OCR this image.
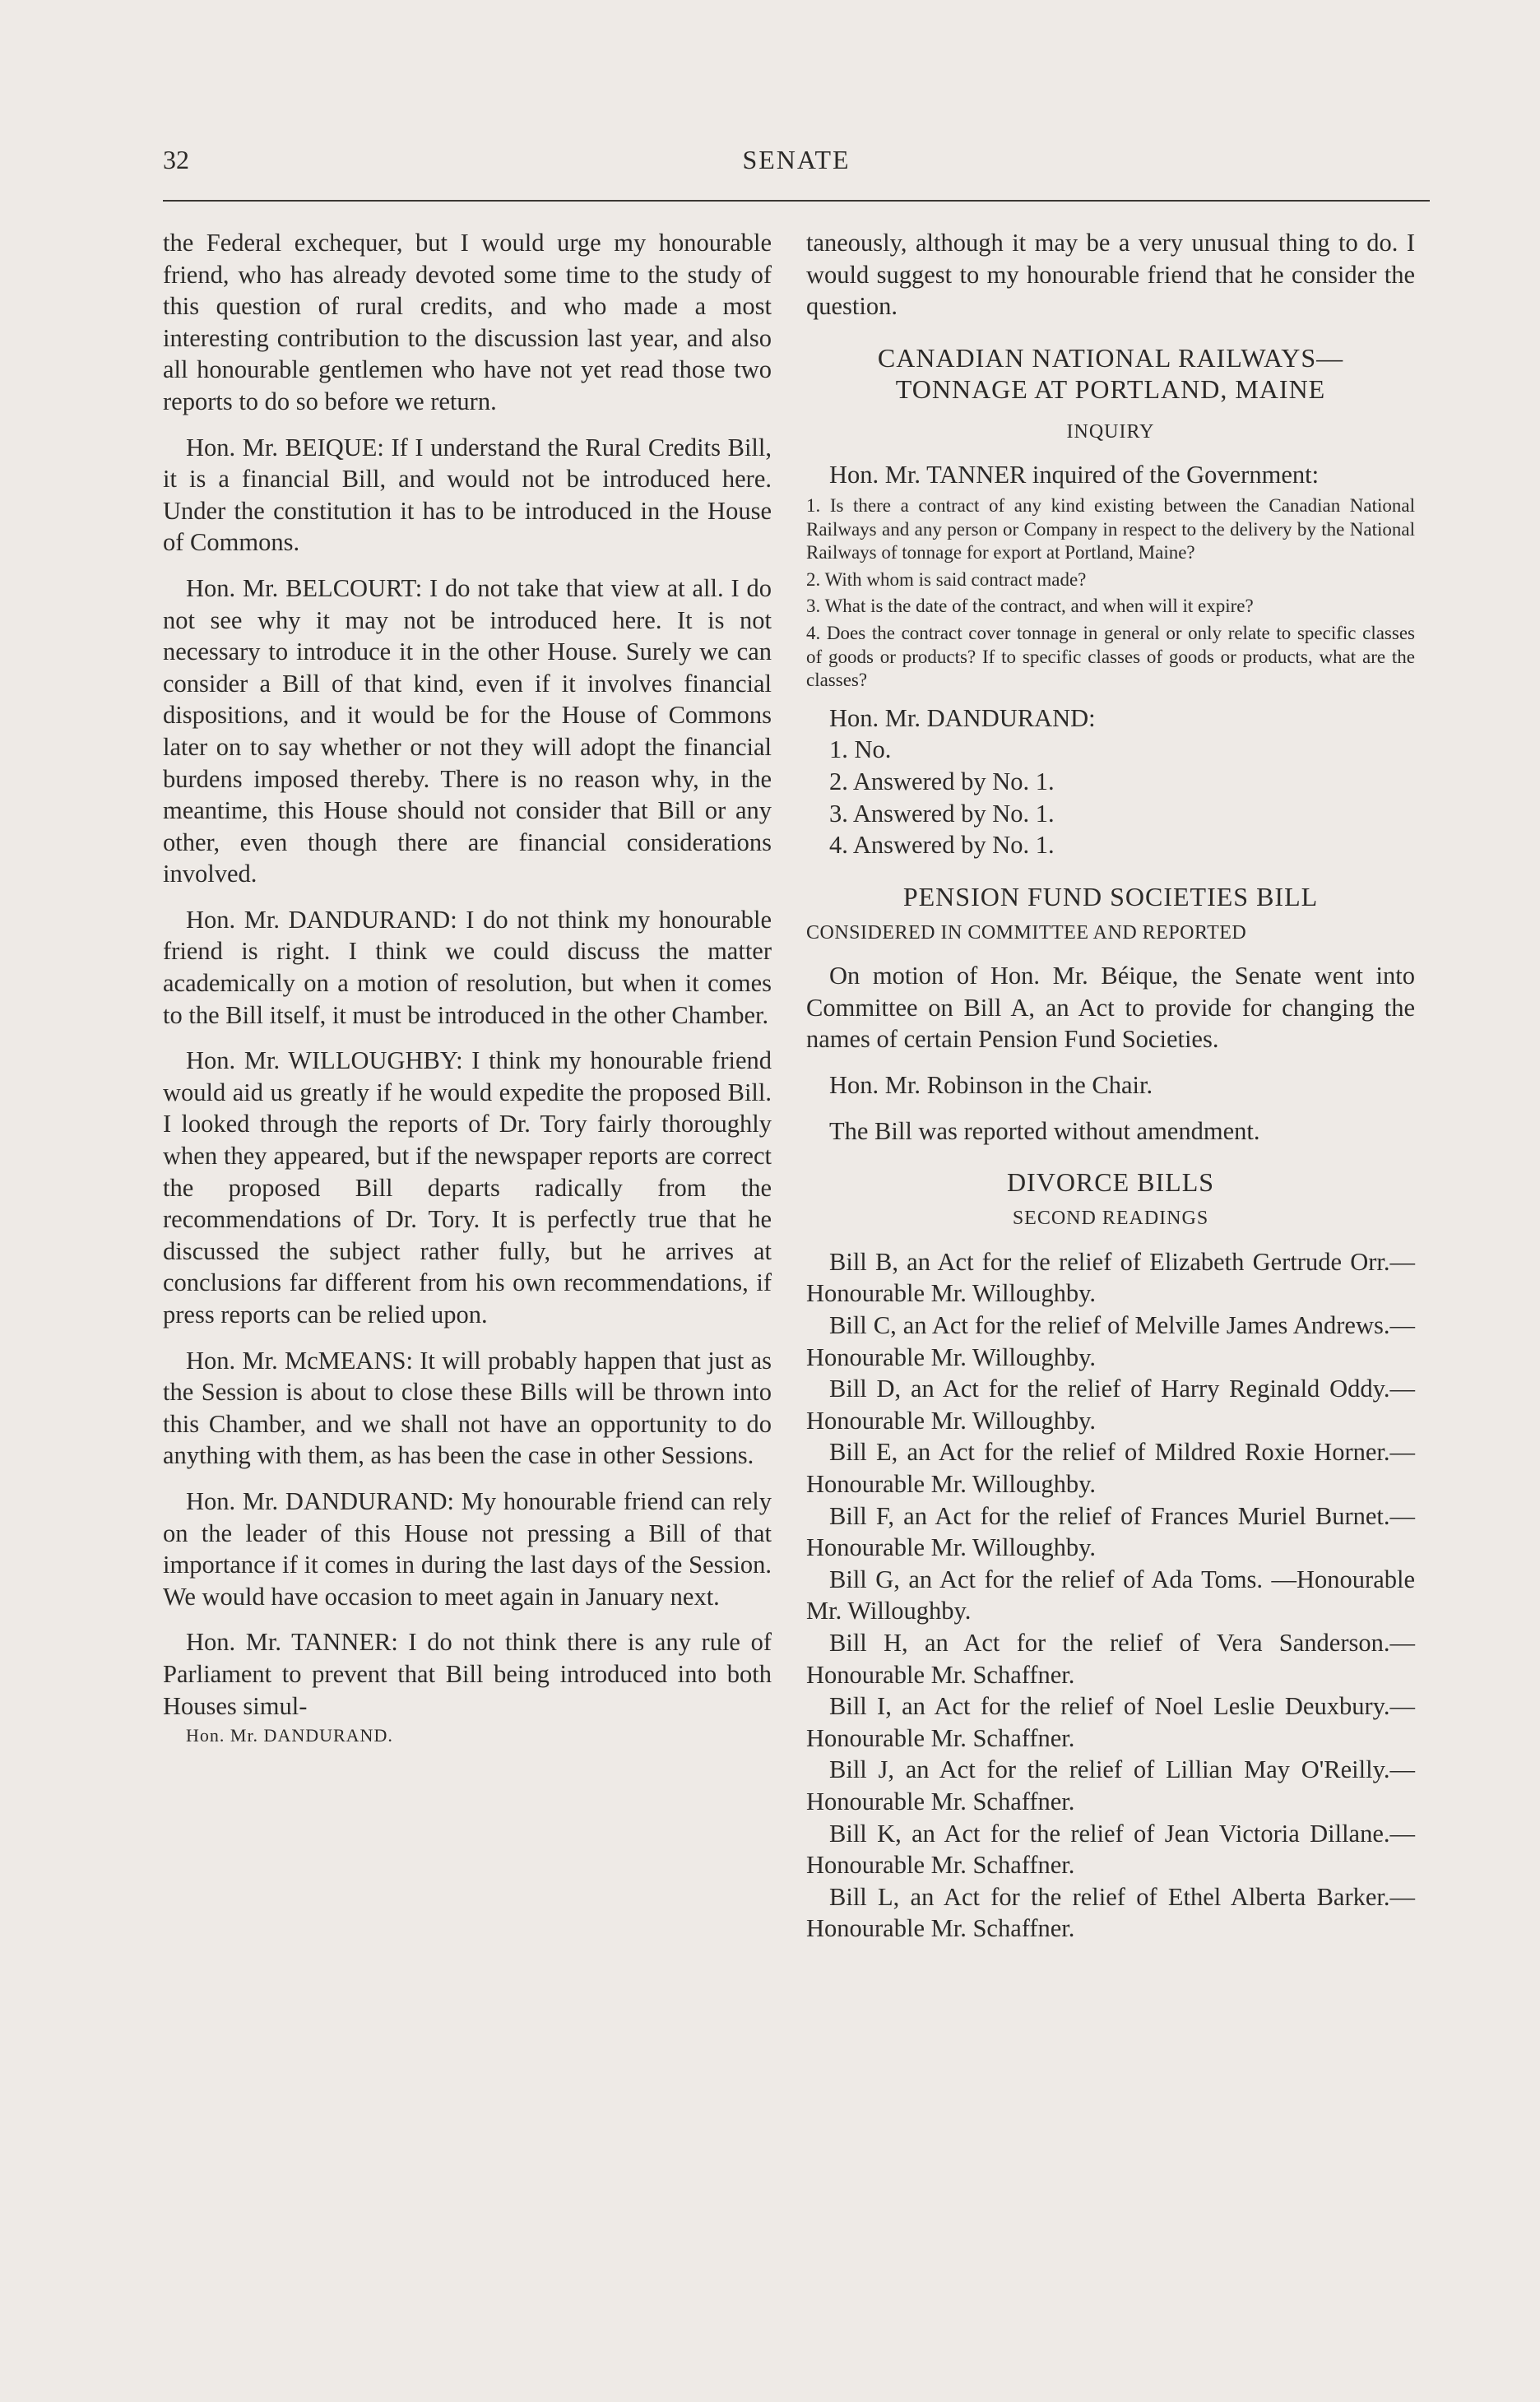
32	SENATE

the Federal exchequer, but I would urge my honourable friend, who has already devoted some time to the study of this question of rural credits, and who made a most interesting contribution to the discussion last year, and also all honourable gentlemen who have not yet read those two reports to do so before we return.

Hon. Mr. BEIQUE: If I understand the Rural Credits Bill, it is a financial Bill, and would not be introduced here. Under the constitution it has to be introduced in the House of Commons.

Hon. Mr. BELCOURT: I do not take that view at all. I do not see why it may not be introduced here. It is not necessary to introduce it in the other House. Surely we can consider a Bill of that kind, even if it involves financial dispositions, and it would be for the House of Commons later on to say whether or not they will adopt the financial burdens imposed thereby. There is no reason why, in the meantime, this House should not consider that Bill or any other, even though there are financial considerations involved.

Hon. Mr. DANDURAND: I do not think my honourable friend is right. I think we could discuss the matter academically on a motion of resolution, but when it comes to the Bill itself, it must be introduced in the other Chamber.

Hon. Mr. WILLOUGHBY: I think my honourable friend would aid us greatly if he would expedite the proposed Bill. I looked through the reports of Dr. Tory fairly thoroughly when they appeared, but if the newspaper reports are correct the proposed Bill departs radically from the recommendations of Dr. Tory. It is perfectly true that he discussed the subject rather fully, but he arrives at conclusions far different from his own recommendations, if press reports can be relied upon.

Hon. Mr. McMEANS: It will probably happen that just as the Session is about to close these Bills will be thrown into this Chamber, and we shall not have an opportunity to do anything with them, as has been the case in other Sessions.

Hon. Mr. DANDURAND: My honourable friend can rely on the leader of this House not pressing a Bill of that importance if it comes in during the last days of the Session. We would have occasion to meet again in January next.

Hon. Mr. TANNER: I do not think there is any rule of Parliament to prevent that Bill being introduced into both Houses simul-

Hon. Mr. DANDURAND.

taneously, although it may be a very unusual thing to do. I would suggest to my honourable friend that he consider the question.

CANADIAN NATIONAL RAILWAYS—
TONNAGE AT PORTLAND, MAINE
INQUIRY

Hon. Mr. TANNER inquired of the Government:

1. Is there a contract of any kind existing between the Canadian National Railways and any person or Company in respect to the delivery by the National Railways of tonnage for export at Portland, Maine?
2. With whom is said contract made?
3. What is the date of the contract, and when will it expire?
4. Does the contract cover tonnage in general or only relate to specific classes of goods or products? If to specific classes of goods or products, what are the classes?

Hon. Mr. DANDURAND:

1. No.

2. Answered by No. 1.

3. Answered by No. 1.

4. Answered by No. 1.

PENSION FUND SOCIETIES BILL
CONSIDERED IN COMMITTEE AND REPORTED

On motion of Hon. Mr. Béique, the Senate went into Committee on Bill A, an Act to provide for changing the names of certain Pension Fund Societies.

Hon. Mr. Robinson in the Chair.

The Bill was reported without amendment.

DIVORCE BILLS
SECOND READINGS

Bill B, an Act for the relief of Elizabeth Gertrude Orr.—Honourable Mr. Willoughby.

Bill C, an Act for the relief of Melville James Andrews.—Honourable Mr. Willoughby.

Bill D, an Act for the relief of Harry Reginald Oddy.—Honourable Mr. Willoughby.

Bill E, an Act for the relief of Mildred Roxie Horner.—Honourable Mr. Willoughby.

Bill F, an Act for the relief of Frances Muriel Burnet.—Honourable Mr. Willoughby.

Bill G, an Act for the relief of Ada Toms. —Honourable Mr. Willoughby.

Bill H, an Act for the relief of Vera Sanderson.—Honourable Mr. Schaffner.

Bill I, an Act for the relief of Noel Leslie Deuxbury.—Honourable Mr. Schaffner.

Bill J, an Act for the relief of Lillian May O'Reilly.—Honourable Mr. Schaffner.

Bill K, an Act for the relief of Jean Victoria Dillane.—Honourable Mr. Schaffner.

Bill L, an Act for the relief of Ethel Alberta Barker.—Honourable Mr. Schaffner.
